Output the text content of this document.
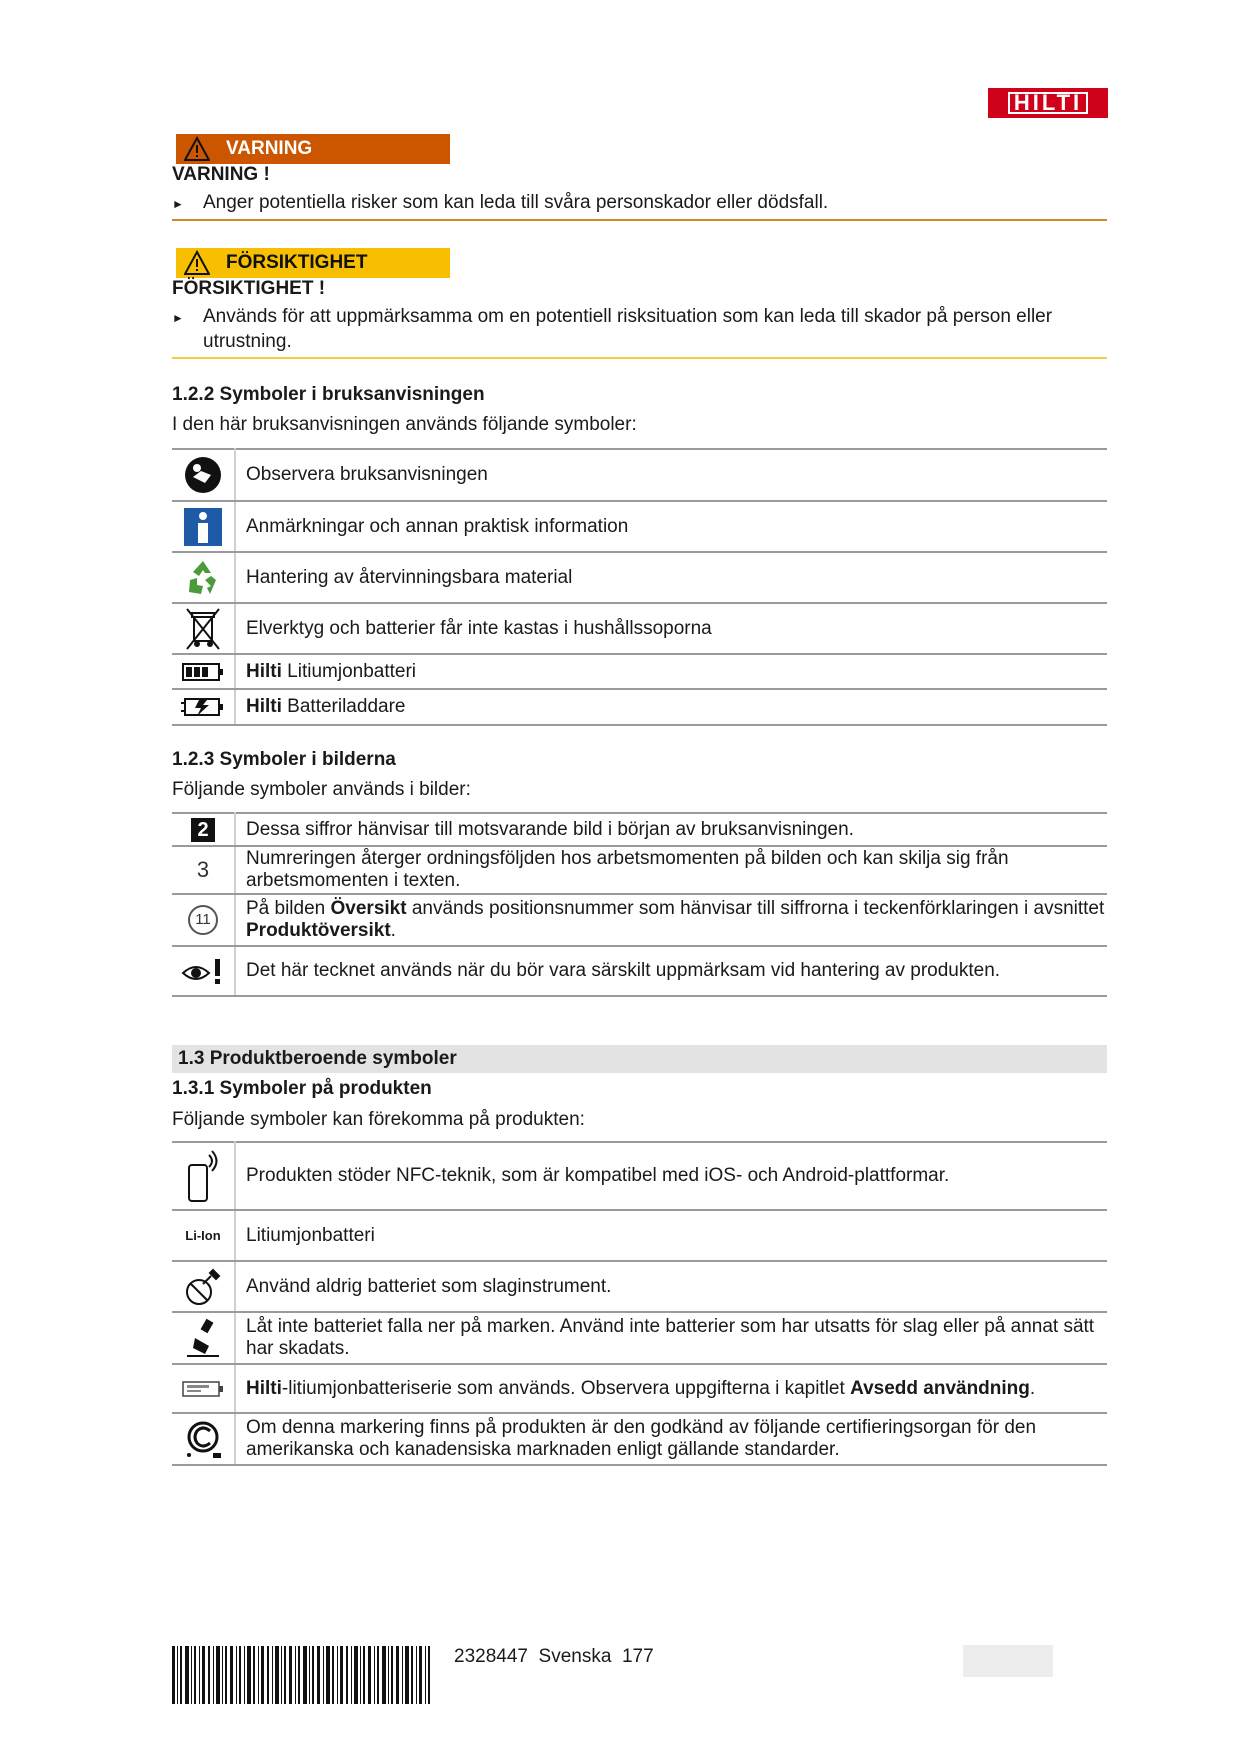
HILTI
VARNING
VARNING !
► Anger potentiella risker som kan leda till svåra personskador eller dödsfall.
FÖRSIKTIGHET
FÖRSIKTIGHET !
► Används för att uppmärksamma om en potentiell risksituation som kan leda till skador på person eller utrustning.
1.2.2 Symboler i bruksanvisningen
I den här bruksanvisningen används följande symboler:
	Observera bruksanvisningen

	Anmärkningar och annan praktisk information

	Hantering av återvinningsbara material

	Elverktyg och batterier får inte kastas i hushållssoporna

	Hilti Litiumjonbatteri

	Hilti Batteriladdare
1.2.3 Symboler i bilderna
Följande symboler används i bilder:
2	Dessa siffror hänvisar till motsvarande bild i början av bruksanvisningen.

3	Numreringen återger ordningsföljden hos arbetsmomenten på bilden och kan skilja sig från arbetsmomenten i texten.

11	På bilden Översikt används positionsnummer som hänvisar till siffrorna i teckenförklaringen i avsnittet Produktöversikt.

	Det här tecknet används när du bör vara särskilt uppmärksam vid hantering av produkten.
1.3 Produktberoende symboler
1.3.1 Symboler på produkten
Följande symboler kan förekomma på produkten:
	Produkten stöder NFC-teknik, som är kompatibel med iOS- och Android-plattformar.
Li-Ion	Litiumjonbatteri

	Använd aldrig batteriet som slaginstrument.

	Låt inte batteriet falla ner på marken. Använd inte batterier som har utsatts för slag eller på annat sätt har skadats.

	Hilti-litiumjonbatteriserie som används. Observera uppgifterna i kapitlet Avsedd användning.

	Om denna markering finns på produkten är den godkänd av följande certifieringsorgan för den amerikanska och kanadensiska marknaden enligt gällande standarder.
2328447 Svenska 177
